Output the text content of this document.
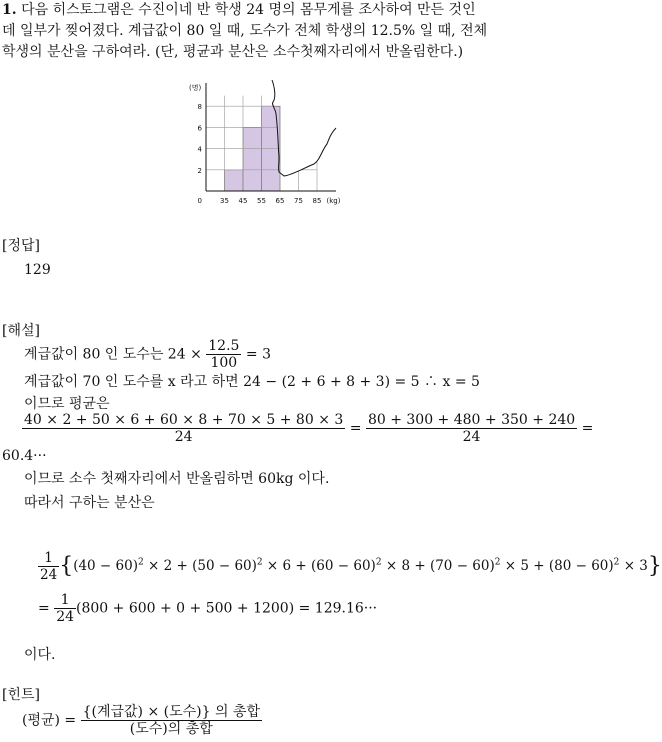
1. 다음 히스토그램은 수진이네 반 학생 24 명의 몸무게를 조사하여 만든 것인
데 일부가 찢어졌다. 계급값이 80 일 때, 도수가 전체 학생의 12.5% 일 때, 전체
학생의 분산을 구하여라. (단, 평균과 분산은 소수첫째자리에서 반올림한다.)
2
4
6
8
0
(명)
35 45 55 65 75 85 (kg)
[정답]
129
[해설]
계급값이 80 인 도수는 $24 \times \frac{12.5}{100} = 3$
계급값이 70 인 도수를 x 라고 하면 24 − (2 + 6 + 8 + 3) = 5 ∴ x = 5
이므로 평균은
$\frac{40 \times 2 + 50 \times 6 + 60 \times 8 + 70 \times 5 + 80 \times 3}{24} = \frac{80 + 300 + 480 + 350 + 240}{24}$ =
60.4···
이므로 소수 첫째자리에서 반올림하면 60kg 이다.
따라서 구하는 분산은
$\frac{1}{24} \{(40 - 60)^2 \times 2 + (50 - 60)^2 \times 6 + (60 - 60)^2 \times 8 + (70 - 60)^2 \times 5 + (80 - 60)^2 \times 3\}$
= $\frac{1}{24} (800 + 600 + 0 + 500 + 1200) = 129.16\cdot\cdot\cdot$
이다.
[힌트]
(평균) = $\frac{\text{\{(계급값) × (도수)\} 의 총합}}{\text{(도수)의 총합}}$
